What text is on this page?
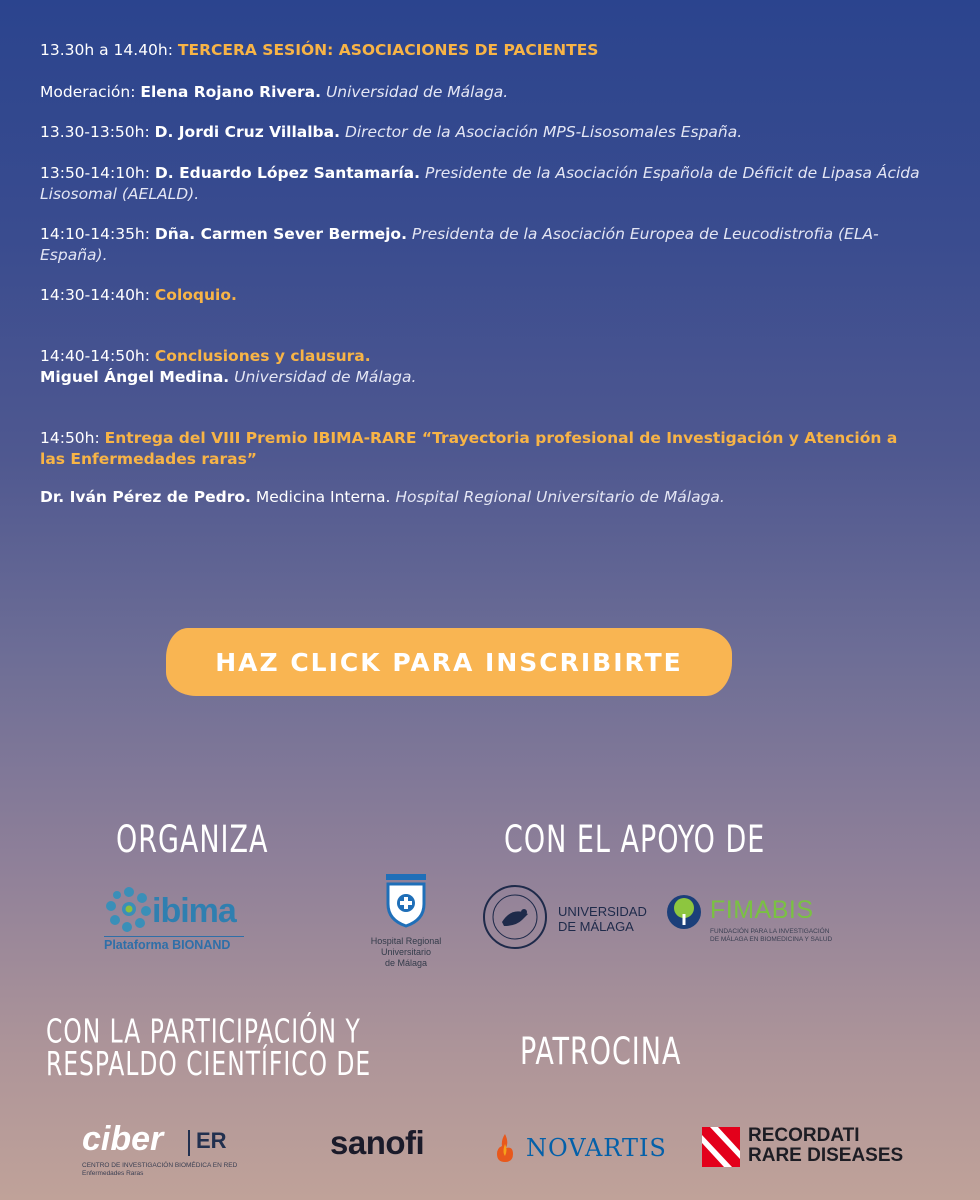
13.30h a 14.40h: TERCERA SESIÓN: ASOCIACIONES DE PACIENTES
Moderación: Elena Rojano Rivera. Universidad de Málaga.
13.30-13:50h: D. Jordi Cruz Villalba. Director de la Asociación MPS-Lisosomales España.
13:50-14:10h: D. Eduardo López Santamaría. Presidente de la Asociación Española de Déficit de Lipasa Ácida Lisosomal (AELALD).
14:10-14:35h: Dña. Carmen Sever Bermejo. Presidenta de la Asociación Europea de Leucodistrofia (ELA- España).
14:30-14:40h: Coloquio.
14:40-14:50h: Conclusiones y clausura.
Miguel Ángel Medina. Universidad de Málaga.
14:50h: Entrega del VIII Premio IBIMA-RARE “Trayectoria profesional de Investigación y Atención a las Enfermedades raras”
Dr. Iván Pérez de Pedro. Medicina Interna. Hospital Regional Universitario de Málaga.
HAZ CLICK PARA INSCRIBIRTE
ORGANIZA	CON EL APOYO DE
CON LA PARTICIPACIÓN Y
RESPALDO CIENTÍFICO DE	PATROCINA
ibima
Plataforma BIONAND	Hospital Regional
Universitario
de Málaga
UNIVERSIDAD
DE MÁLAGA
FIMABIS
FUNDACIÓN PARA LA INVESTIGACIÓN
DE MÁLAGA EN BIOMEDICINA Y SALUD
ciber ER
CENTRO DE INVESTIGACIÓN BIOMÉDICA EN RED
Enfermedades Raras
sanofi	NOVARTIS	RECORDATI
RARE DISEASES
